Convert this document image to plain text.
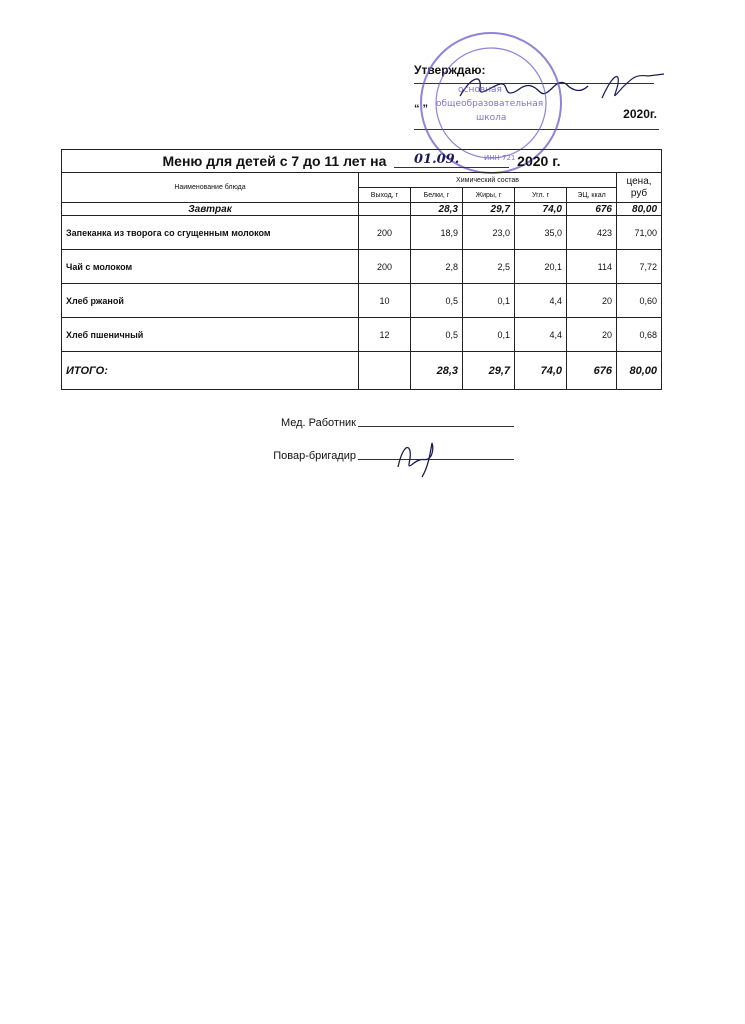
Утверждаю:
“ ”	2020г.
основная
общеобразовательная
школа
ИНН 721
Меню для детей с 7 до 11 лет на 01.09. 2020 г.						
Наименование блюда	Химический состав					цена, руб
	Выход, г	Белки, г	Жиры, г	Угл. г	ЭЦ, ккал	
Завтрак		28,3	29,7	74,0	676	80,00
Запеканка из творога со сгущенным молоком	200	18,9	23,0	35,0	423	71,00
Чай с молоком	200	2,8	2,5	20,1	114	7,72
Хлеб ржаной	10	0,5	0,1	4,4	20	0,60
Хлеб пшеничный	12	0,5	0,1	4,4	20	0,68
ИТОГО:		28,3	29,7	74,0	676	80,00
Мед. Работник
Повар-бригадир
